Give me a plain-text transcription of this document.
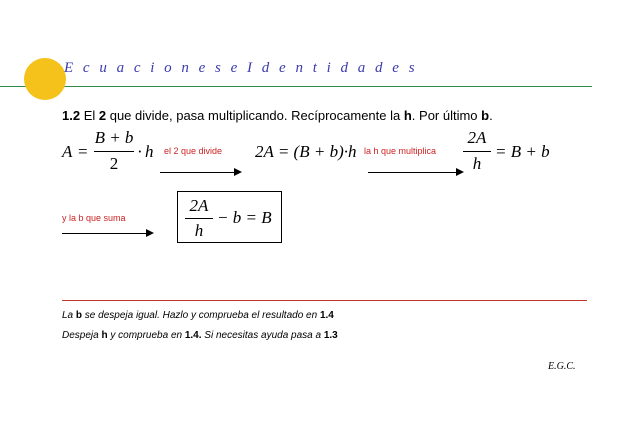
E c u a c i o n e s e I d e n t i d a d e s
1.2 El 2 que divide, pasa multiplicando. Recíprocamente la h. Por último b.
A =
B + b
2
· h el 2 que divide 2A = (B + b)·h la h que multiplica
2A
h
= B + b
y la b que suma
2A
h
− b = B
La b se despeja igual. Hazlo y comprueba el resultado en 1.4
Despeja h y comprueba en 1.4. Si necesitas ayuda pasa a 1.3
E.G.C.
